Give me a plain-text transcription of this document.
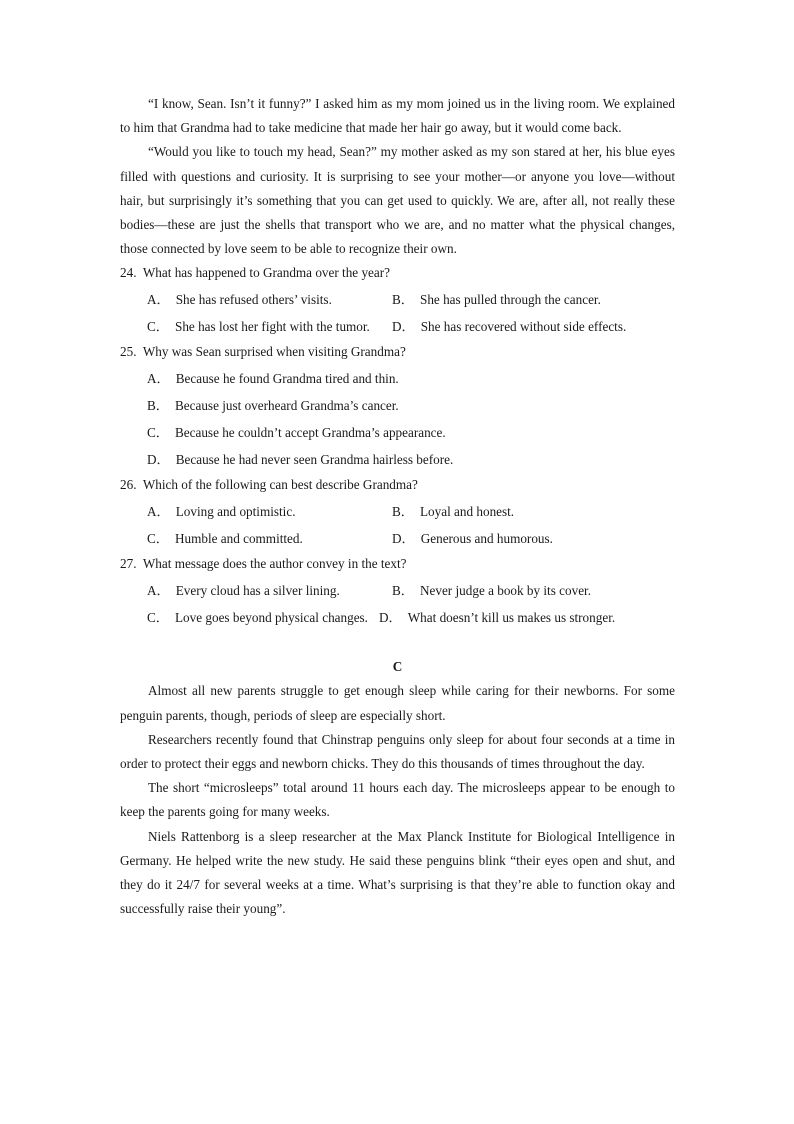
“I know, Sean. Isn’t it funny?” I asked him as my mom joined us in the living room. We explained to him that Grandma had to take medicine that made her hair go away, but it would come back.

“Would you like to touch my head, Sean?” my mother asked as my son stared at her, his blue eyes filled with questions and curiosity. It is surprising to see your mother—or anyone you love—without hair, but surprisingly it’s something that you can get used to quickly. We are, after all, not really these bodies—these are just the shells that transport who we are, and no matter what the physical changes, those connected by love seem to be able to recognize their own.

24. What has happened to Grandma over the year?

A． She has refused others’ visits.	B． She has pulled through the cancer.
C． She has lost her fight with the tumor.	D． She has recovered without side effects.

25. Why was Sean surprised when visiting Grandma?

A． Because he found Grandma tired and thin.
B． Because just overheard Grandma’s cancer.
C． Because he couldn’t accept Grandma’s appearance.
D． Because he had never seen Grandma hairless before.

26. Which of the following can best describe Grandma?

A． Loving and optimistic.	B． Loyal and honest.
C． Humble and committed.	D． Generous and humorous.

27. What message does the author convey in the text?

A． Every cloud has a silver lining.	B． Never judge a book by its cover.
C． Love goes beyond physical changes. D． What doesn’t kill us makes us stronger.

C

Almost all new parents struggle to get enough sleep while caring for their newborns. For some penguin parents, though, periods of sleep are especially short.

Researchers recently found that Chinstrap penguins only sleep for about four seconds at a time in order to protect their eggs and newborn chicks. They do this thousands of times throughout the day.

The short “microsleeps” total around 11 hours each day. The microsleeps appear to be enough to keep the parents going for many weeks.

Niels Rattenborg is a sleep researcher at the Max Planck Institute for Biological Intelligence in Germany. He helped write the new study. He said these penguins blink “their eyes open and shut, and they do it 24/7 for several weeks at a time. What’s surprising is that they’re able to function okay and successfully raise their young”.
